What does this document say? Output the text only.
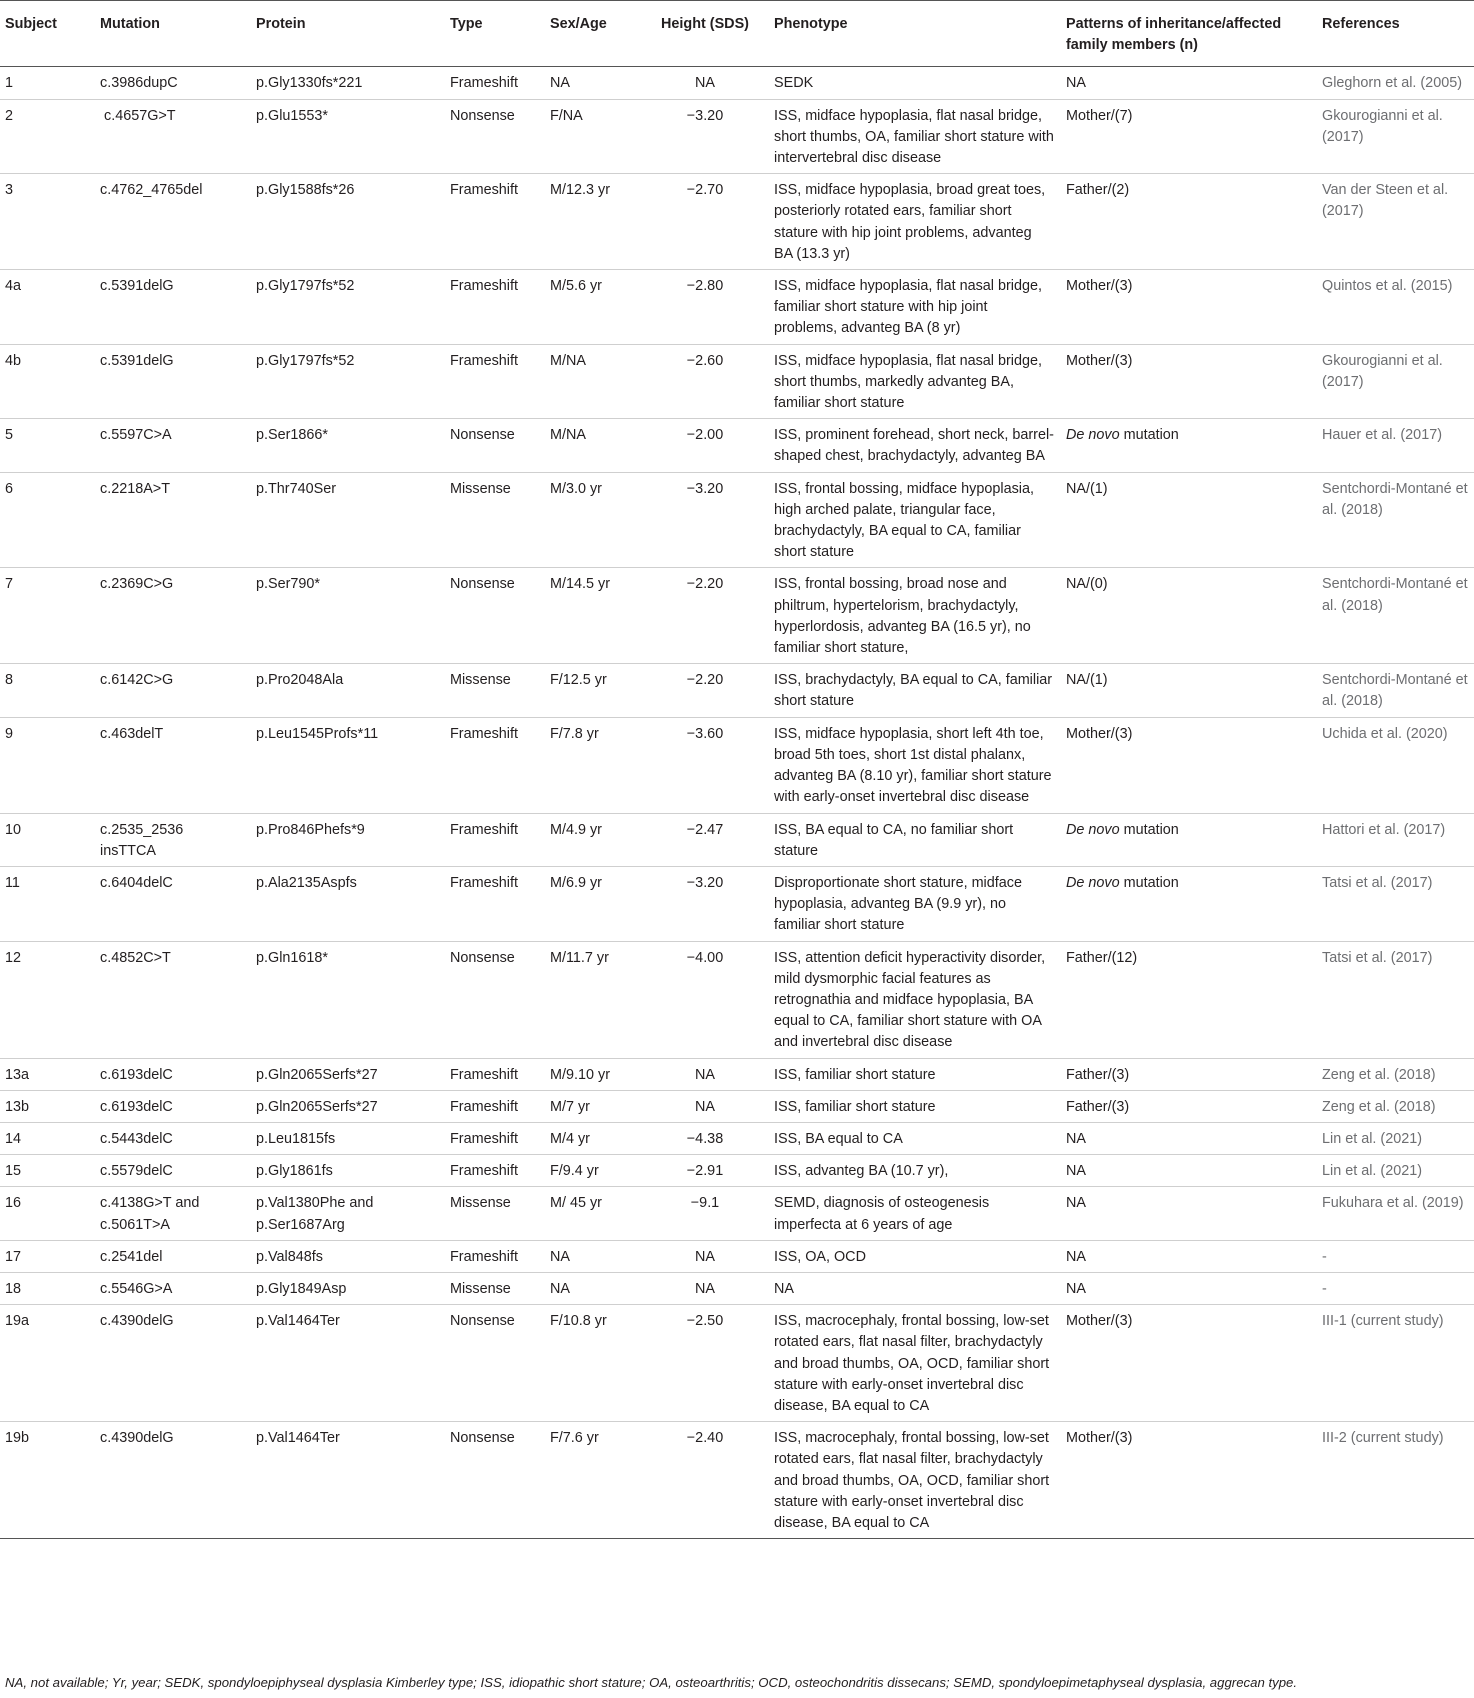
Subject	Mutation	Protein	Type	Sex/Age	Height (SDS)	Phenotype	Patterns of inheritance/affected family members (n)	References
1	c.3986dupC	p.Gly1330fs*221	Frameshift	NA	NA	SEDK	NA	Gleghorn et al. (2005)
2	c.4657G>T	p.Glu1553*	Nonsense	F/NA	−3.20	ISS, midface hypoplasia, flat nasal bridge, short thumbs, OA, familiar short stature with intervertebral disc disease	Mother/(7)	Gkourogianni et al. (2017)
3	c.4762_4765del	p.Gly1588fs*26	Frameshift	M/12.3 yr	−2.70	ISS, midface hypoplasia, broad great toes, posteriorly rotated ears, familiar short stature with hip joint problems, advanteg BA (13.3 yr)	Father/(2)	Van der Steen et al. (2017)
4a	c.5391delG	p.Gly1797fs*52	Frameshift	M/5.6 yr	−2.80	ISS, midface hypoplasia, flat nasal bridge, familiar short stature with hip joint problems, advanteg BA (8 yr)	Mother/(3)	Quintos et al. (2015)
4b	c.5391delG	p.Gly1797fs*52	Frameshift	M/NA	−2.60	ISS, midface hypoplasia, flat nasal bridge, short thumbs, markedly advanteg BA, familiar short stature	Mother/(3)	Gkourogianni et al. (2017)
5	c.5597C>A	p.Ser1866*	Nonsense	M/NA	−2.00	ISS, prominent forehead, short neck, barrel-shaped chest, brachydactyly, advanteg BA	De novo mutation	Hauer et al. (2017)
6	c.2218A>T	p.Thr740Ser	Missense	M/3.0 yr	−3.20	ISS, frontal bossing, midface hypoplasia, high arched palate, triangular face, brachydactyly, BA equal to CA, familiar short stature	NA/(1)	Sentchordi-Montané et al. (2018)
7	c.2369C>G	p.Ser790*	Nonsense	M/14.5 yr	−2.20	ISS, frontal bossing, broad nose and philtrum, hypertelorism, brachydactyly, hyperlordosis, advanteg BA (16.5 yr), no familiar short stature,	NA/(0)	Sentchordi-Montané et al. (2018)
8	c.6142C>G	p.Pro2048Ala	Missense	F/12.5 yr	−2.20	ISS, brachydactyly, BA equal to CA, familiar short stature	NA/(1)	Sentchordi-Montané et al. (2018)
9	c.463delT	p.Leu1545Profs*11	Frameshift	F/7.8 yr	−3.60	ISS, midface hypoplasia, short left 4th toe, broad 5th toes, short 1st distal phalanx, advanteg BA (8.10 yr), familiar short stature with early-onset invertebral disc disease	Mother/(3)	Uchida et al. (2020)
10	c.2535_2536
insTTCA	p.Pro846Phefs*9	Frameshift	M/4.9 yr	−2.47	ISS, BA equal to CA, no familiar short stature	De novo mutation	Hattori et al. (2017)
11	c.6404delC	p.Ala2135Aspfs	Frameshift	M/6.9 yr	−3.20	Disproportionate short stature, midface hypoplasia, advanteg BA (9.9 yr), no familiar short stature	De novo mutation	Tatsi et al. (2017)
12	c.4852C>T	p.Gln1618*	Nonsense	M/11.7 yr	−4.00	ISS, attention deficit hyperactivity disorder, mild dysmorphic facial features as retrognathia and midface hypoplasia, BA equal to CA, familiar short stature with OA and invertebral disc disease	Father/(12)	Tatsi et al. (2017)
13a	c.6193delC	p.Gln2065Serfs*27	Frameshift	M/9.10 yr	NA	ISS, familiar short stature	Father/(3)	Zeng et al. (2018)
13b	c.6193delC	p.Gln2065Serfs*27	Frameshift	M/7 yr	NA	ISS, familiar short stature	Father/(3)	Zeng et al. (2018)
14	c.5443delC	p.Leu1815fs	Frameshift	M/4 yr	−4.38	ISS, BA equal to CA	NA	Lin et al. (2021)
15	c.5579delC	p.Gly1861fs	Frameshift	F/9.4 yr	−2.91	ISS, advanteg BA (10.7 yr),	NA	Lin et al. (2021)
16	c.4138G>T and
c.5061T>A	p.Val1380Phe and p.Ser1687Arg	Missense	M/ 45 yr	−9.1	SEMD, diagnosis of osteogenesis imperfecta at 6 years of age	NA	Fukuhara et al. (2019)
17	c.2541del	p.Val848fs	Frameshift	NA	NA	ISS, OA, OCD	NA	-
18	c.5546G>A	p.Gly1849Asp	Missense	NA	NA	NA	NA	-
19a	c.4390delG	p.Val1464Ter	Nonsense	F/10.8 yr	−2.50	ISS, macrocephaly, frontal bossing, low-set rotated ears, flat nasal filter, brachydactyly and broad thumbs, OA, OCD, familiar short stature with early-onset invertebral disc disease, BA equal to CA	Mother/(3)	III-1 (current study)
19b	c.4390delG	p.Val1464Ter	Nonsense	F/7.6 yr	−2.40	ISS, macrocephaly, frontal bossing, low-set rotated ears, flat nasal filter, brachydactyly and broad thumbs, OA, OCD, familiar short stature with early-onset invertebral disc disease, BA equal to CA	Mother/(3)	III-2 (current study)
NA, not available; Yr, year; SEDK, spondyloepiphyseal dysplasia Kimberley type; ISS, idiopathic short stature; OA, osteoarthritis; OCD, osteochondritis dissecans; SEMD, spondyloepimetaphyseal dysplasia, aggrecan type.
